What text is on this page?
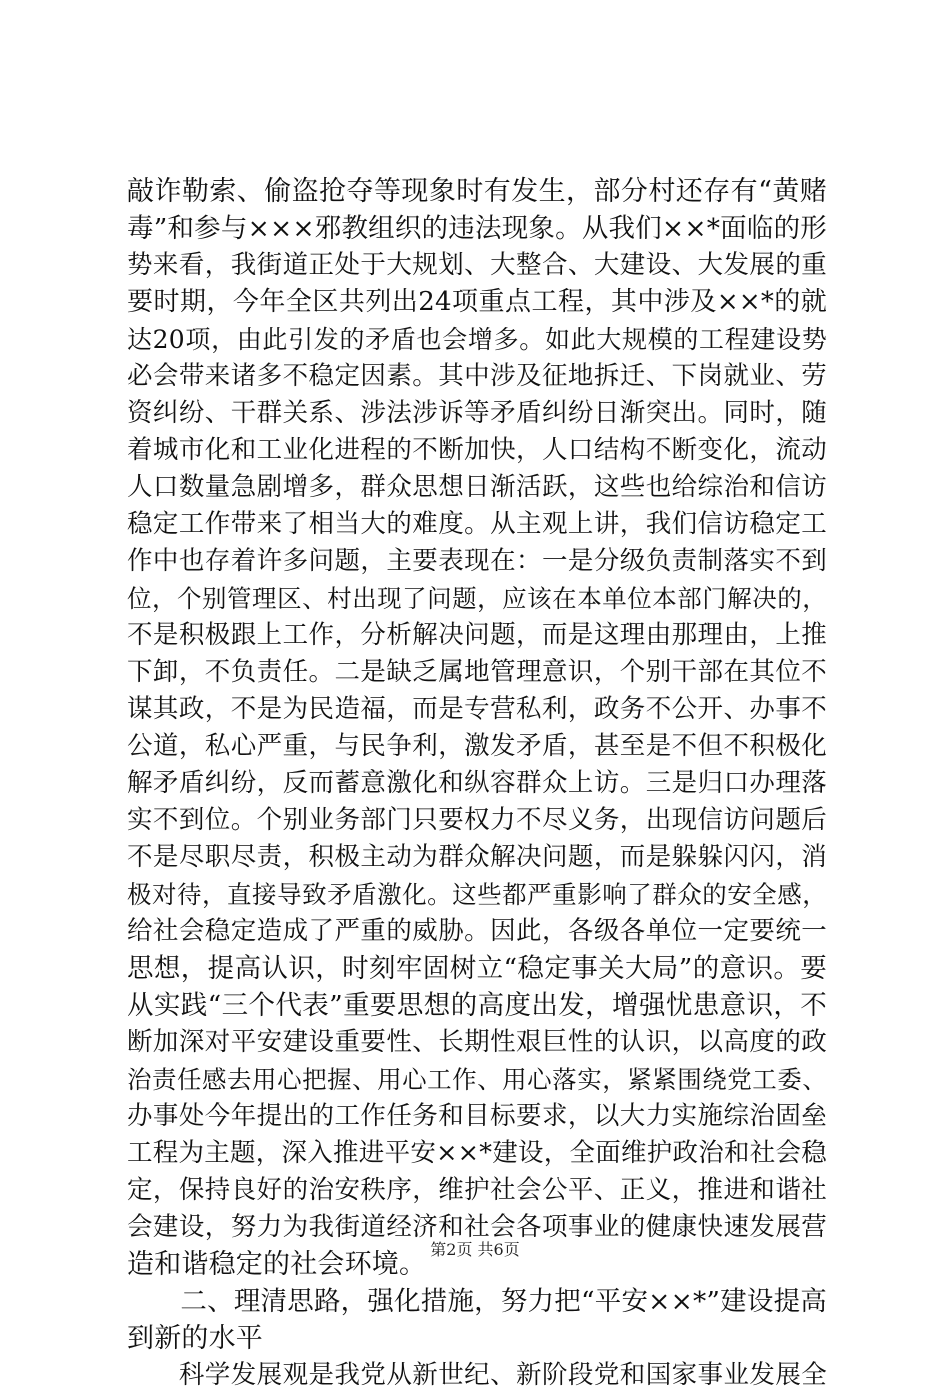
敲诈勒索、偷盗抢夺等现象时有发生，部分村还存有“黄赌
毒”和参与×××邪教组织的违法现象。从我们××*面临的形
势来看，我街道正处于大规划、大整合、大建设、大发展的重
要时期，今年全区共列出24项重点工程，其中涉及××*的就
达20项，由此引发的矛盾也会增多。如此大规模的工程建设势
必会带来诸多不稳定因素。其中涉及征地拆迁、下岗就业、劳
资纠纷、干群关系、涉法涉诉等矛盾纠纷日渐突出。同时，随
着城市化和工业化进程的不断加快，人口结构不断变化，流动
人口数量急剧增多，群众思想日渐活跃，这些也给综治和信访
稳定工作带来了相当大的难度。从主观上讲，我们信访稳定工
作中也存着许多问题，主要表现在：一是分级负责制落实不到
位，个别管理区、村出现了问题，应该在本单位本部门解决的，
不是积极跟上工作，分析解决问题，而是这理由那理由，上推
下卸，不负责任。二是缺乏属地管理意识，个别干部在其位不
谋其政，不是为民造福，而是专营私利，政务不公开、办事不
公道，私心严重，与民争利，激发矛盾，甚至是不但不积极化
解矛盾纠纷，反而蓄意激化和纵容群众上访。三是归口办理落
实不到位。个别业务部门只要权力不尽义务，出现信访问题后
不是尽职尽责，积极主动为群众解决问题，而是躲躲闪闪，消
极对待，直接导致矛盾激化。这些都严重影响了群众的安全感，
给社会稳定造成了严重的威胁。因此，各级各单位一定要统一
思想，提高认识，时刻牢固树立“稳定事关大局”的意识。要
从实践“三个代表”重要思想的高度出发，增强忧患意识，不
断加深对平安建设重要性、长期性艰巨性的认识，以高度的政
治责任感去用心把握、用心工作、用心落实，紧紧围绕党工委、
办事处今年提出的工作任务和目标要求，以大力实施综治固垒
工程为主题，深入推进平安××*建设，全面维护政治和社会稳
定，保持良好的治安秩序，维护社会公平、正义，推进和谐社
会建设，努力为我街道经济和社会各项事业的健康快速发展营
造和谐稳定的社会环境。
　　二、理清思路，强化措施，努力把“平安××*”建设提高
到新的水平
　　科学发展观是我党从新世纪、新阶段党和国家事业发展全
第2页 共6页
